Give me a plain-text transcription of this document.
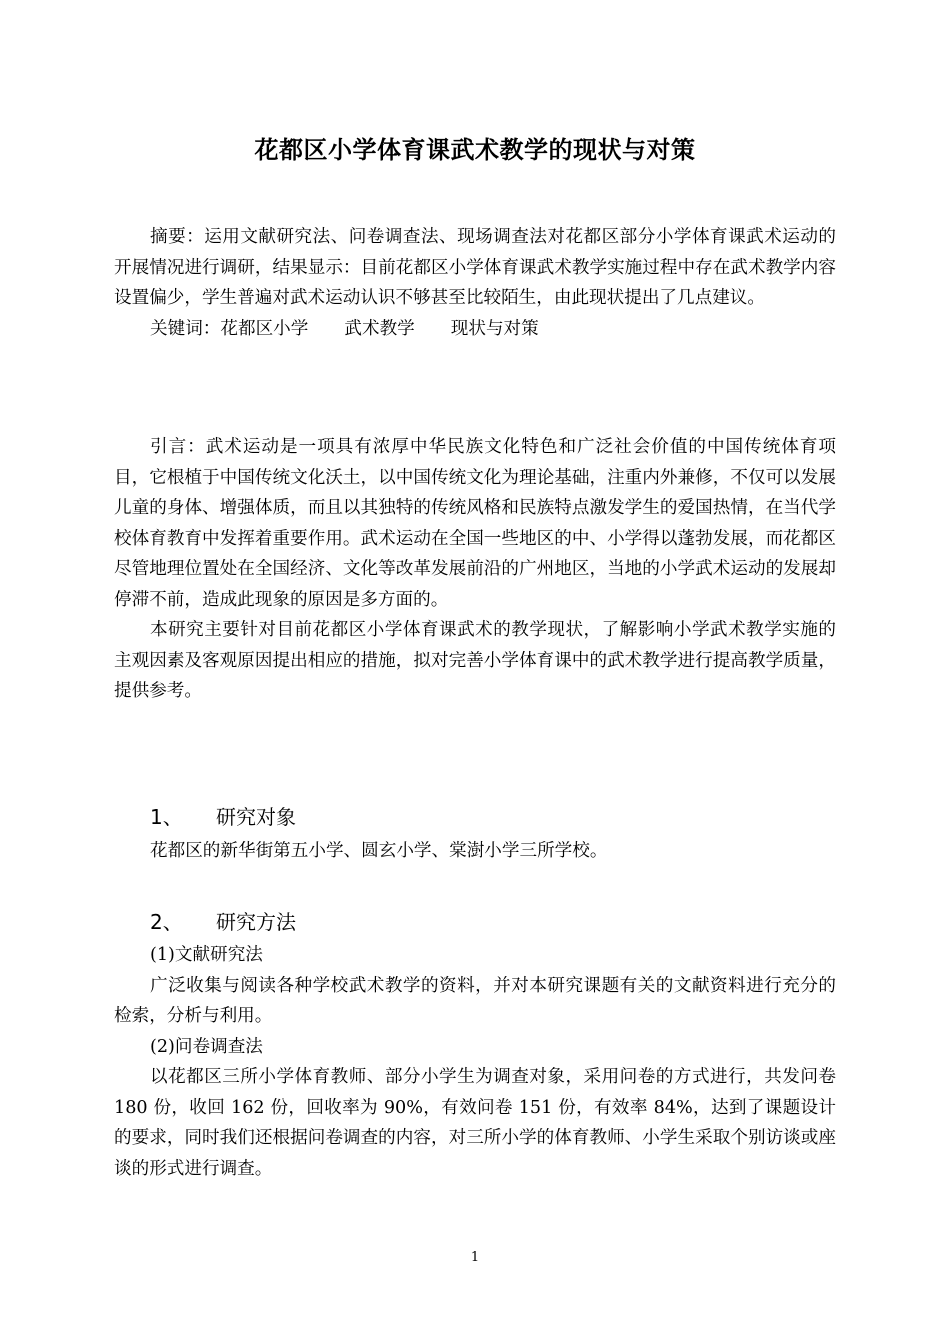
花都区小学体育课武术教学的现状与对策

摘要：运用文献研究法、问卷调查法、现场调查法对花都区部分小学体育课武术运动的开展情况进行调研，结果显示：目前花都区小学体育课武术教学实施过程中存在武术教学内容设置偏少，学生普遍对武术运动认识不够甚至比较陌生，由此现状提出了几点建议。

关键词：花都区小学 武术教学 现状与对策

引言：武术运动是一项具有浓厚中华民族文化特色和广泛社会价值的中国传统体育项目，它根植于中国传统文化沃土，以中国传统文化为理论基础，注重内外兼修，不仅可以发展儿童的身体、增强体质，而且以其独特的传统风格和民族特点激发学生的爱国热情，在当代学校体育教育中发挥着重要作用。武术运动在全国一些地区的中、小学得以蓬勃发展，而花都区尽管地理位置处在全国经济、文化等改革发展前沿的广州地区，当地的小学武术运动的发展却停滞不前，造成此现象的原因是多方面的。

本研究主要针对目前花都区小学体育课武术的教学现状，了解影响小学武术教学实施的主观因素及客观原因提出相应的措施，拟对完善小学体育课中的武术教学进行提高教学质量，提供参考。

1、 研究对象

花都区的新华街第五小学、圆玄小学、棠澍小学三所学校。

2、 研究方法

(1)文献研究法

广泛收集与阅读各种学校武术教学的资料，并对本研究课题有关的文献资料进行充分的检索，分析与利用。

(2)问卷调查法

以花都区三所小学体育教师、部分小学生为调查对象，采用问卷的方式进行，共发问卷 180 份，收回 162 份，回收率为 90%，有效问卷 151 份，有效率 84%，达到了课题设计的要求，同时我们还根据问卷调查的内容，对三所小学的体育教师、小学生采取个别访谈或座谈的形式进行调查。

1
